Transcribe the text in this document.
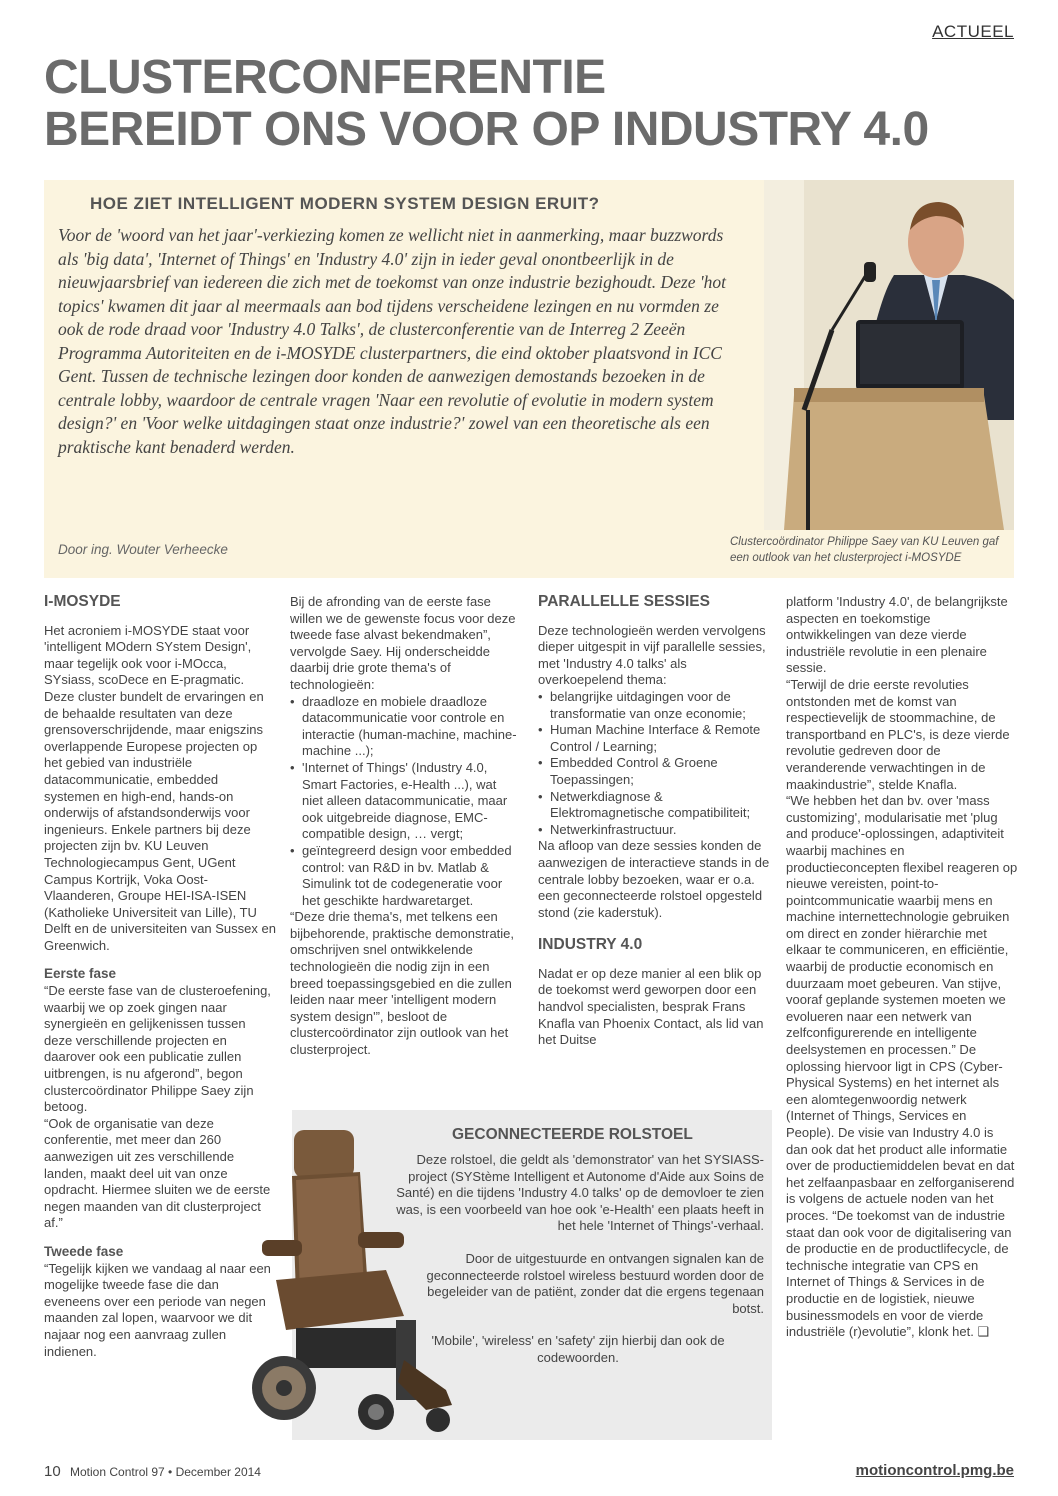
ACTUEEL
CLUSTERCONFERENTIE
BEREIDT ONS VOOR OP INDUSTRY 4.0
HOE ZIET INTELLIGENT MODERN SYSTEM DESIGN ERUIT?

Voor de 'woord van het jaar'-verkiezing komen ze wellicht niet in aanmerking, maar buzzwords als 'big data', 'Internet of Things' en 'Industry 4.0' zijn in ieder geval onontbeerlijk in de nieuwjaarsbrief van iedereen die zich met de toekomst van onze industrie bezighoudt. Deze 'hot topics' kwamen dit jaar al meermaals aan bod tijdens verscheidene lezingen en nu vormden ze ook de rode draad voor 'Industry 4.0 Talks', de clusterconferentie van de Interreg 2 Zeeën Programma Autoriteiten en de i-MOSYDE clusterpartners, die eind oktober plaatsvond in ICC Gent. Tussen de technische lezingen door konden de aanwezigen demostands bezoeken in de centrale lobby, waardoor de centrale vragen 'Naar een revolutie of evolutie in modern system design?' en 'Voor welke uitdagingen staat onze industrie?' zowel van een theoretische als een praktische kant benaderd werden.

Door ing. Wouter Verheecke	Clustercoördinator Philippe Saey van KU Leuven gaf een outlook van het clusterproject i-MOSYDE
I-MOSYDE

Het acroniem i-MOSYDE staat voor 'intelligent MOdern SYstem Design', maar tegelijk ook voor i-MOcca, SYsiass, scoDece en E-pragmatic. Deze cluster bundelt de ervaringen en de behaalde resultaten van deze grensoverschrijdende, maar enigszins overlappende Europese projecten op het gebied van industriële datacommunicatie, embedded systemen en high-end, hands-on onderwijs of afstandsonderwijs voor ingenieurs. Enkele partners bij deze projecten zijn bv. KU Leuven Technologiecampus Gent, UGent Campus Kortrijk, Voka Oost-Vlaanderen, Groupe HEI-ISA-ISEN (Katholieke Universiteit van Lille), TU Delft en de universiteiten van Sussex en Greenwich.

Eerste fase

“De eerste fase van de clusteroefening, waarbij we op zoek gingen naar synergieën en gelijkenissen tussen deze verschillende projecten en daarover ook een publicatie zullen uitbrengen, is nu afgerond”, begon clustercoördinator Philippe Saey zijn betoog.

“Ook de organisatie van deze conferentie, met meer dan 260 aanwezigen uit zes verschillende landen, maakt deel uit van onze opdracht. Hiermee sluiten we de eerste negen maanden van dit clusterproject af.”

Tweede fase

“Tegelijk kijken we vandaag al naar een mogelijke tweede fase die dan eveneens over een periode van negen maanden zal lopen, waarvoor we dit najaar nog een aanvraag zullen indienen.

Bij de afronding van de eerste fase willen we de gewenste focus voor deze tweede fase alvast bekendmaken”, vervolgde Saey. Hij onderscheidde daarbij drie grote thema's of technologieën:

• draadloze en mobiele draadloze datacommunicatie voor controle en interactie (human-machine, machine-machine ...);
• 'Internet of Things' (Industry 4.0, Smart Factories, e-Health ...), wat niet alleen datacommunicatie, maar ook uitgebreide diagnose, EMC-compatible design, … vergt;
• geïntegreerd design voor embedded control: van R&D in bv. Matlab & Simulink tot de codegeneratie voor het geschikte hardwaretarget.

“Deze drie thema's, met telkens een bijbehorende, praktische demonstratie, omschrijven snel ontwikkelende technologieën die nodig zijn in een breed toepassingsgebied en die zullen leiden naar meer 'intelligent modern system design'”, besloot de clustercoördinator zijn outlook van het clusterproject.

PARALLELLE SESSIES

Deze technologieën werden vervolgens dieper uitgespit in vijf parallelle sessies, met 'Industry 4.0 talks' als overkoepelend thema:

• belangrijke uitdagingen voor de transformatie van onze economie;
• Human Machine Interface & Remote Control / Learning;
• Embedded Control & Groene Toepassingen;
• Netwerkdiagnose & Elektromagnetische compatibiliteit;
• Netwerkinfrastructuur.

Na afloop van deze sessies konden de aanwezigen de interactieve stands in de centrale lobby bezoeken, waar er o.a. een geconnecteerde rolstoel opgesteld stond (zie kaderstuk).

INDUSTRY 4.0

Nadat er op deze manier al een blik op de toekomst werd geworpen door een handvol specialisten, besprak Frans Knafla van Phoenix Contact, als lid van het Duitse

platform 'Industry 4.0', de belangrijkste aspecten en toekomstige ontwikkelingen van deze vierde industriële revolutie in een plenaire sessie.

“Terwijl de drie eerste revoluties ontstonden met de komst van respectievelijk de stoommachine, de transportband en PLC's, is deze vierde revolutie gedreven door de veranderende verwachtingen in de maakindustrie”, stelde Knafla.

“We hebben het dan bv. over 'mass customizing', modularisatie met 'plug and produce'-oplossingen, adaptiviteit waarbij machines en productieconcepten flexibel reageren op nieuwe vereisten, point-to-pointcommunicatie waarbij mens en machine internettechnologie gebruiken om direct en zonder hiërarchie met elkaar te communiceren, en efficiëntie, waarbij de productie economisch en duurzaam moet gebeuren. Van stijve, vooraf geplande systemen moeten we evolueren naar een netwerk van zelfconfigurerende en intelligente deelsystemen en processen.” De oplossing hiervoor ligt in CPS (Cyber-Physical Systems) en het internet als een alomtegenwoordig netwerk (Internet of Things, Services en People). De visie van Industry 4.0 is dan ook dat het product alle informatie over de productiemiddelen bevat en dat het zelfaanpasbaar en zelforganiserend is volgens de actuele noden van het proces. “De toekomst van de industrie staat dan ook voor de digitalisering van de productie en de productlifecycle, de technische integratie van CPS en Internet of Things & Services in de productie en de logistiek, nieuwe businessmodels en voor de vierde industriële (r)evolutie”, klonk het. ❑

GECONNECTEERDE ROLSTOEL

Deze rolstoel, die geldt als 'demonstrator' van het SYSIASS-project (SYStème Intelligent et Autonome d'Aide aux Soins de Santé) en die tijdens 'Industry 4.0 talks' op de demovloer te zien was, is een voorbeeld van hoe ook 'e-Health' een plaats heeft in het hele 'Internet of Things'-verhaal.

Door de uitgestuurde en ontvangen signalen kan de geconnecteerde rolstoel wireless bestuurd worden door de begeleider van de patiënt, zonder dat die ergens tegenaan botst.

'Mobile', 'wireless' en 'safety' zijn hierbij dan ook de codewoorden.

10 Motion Control 97 • December 2014	motioncontrol.pmg.be
